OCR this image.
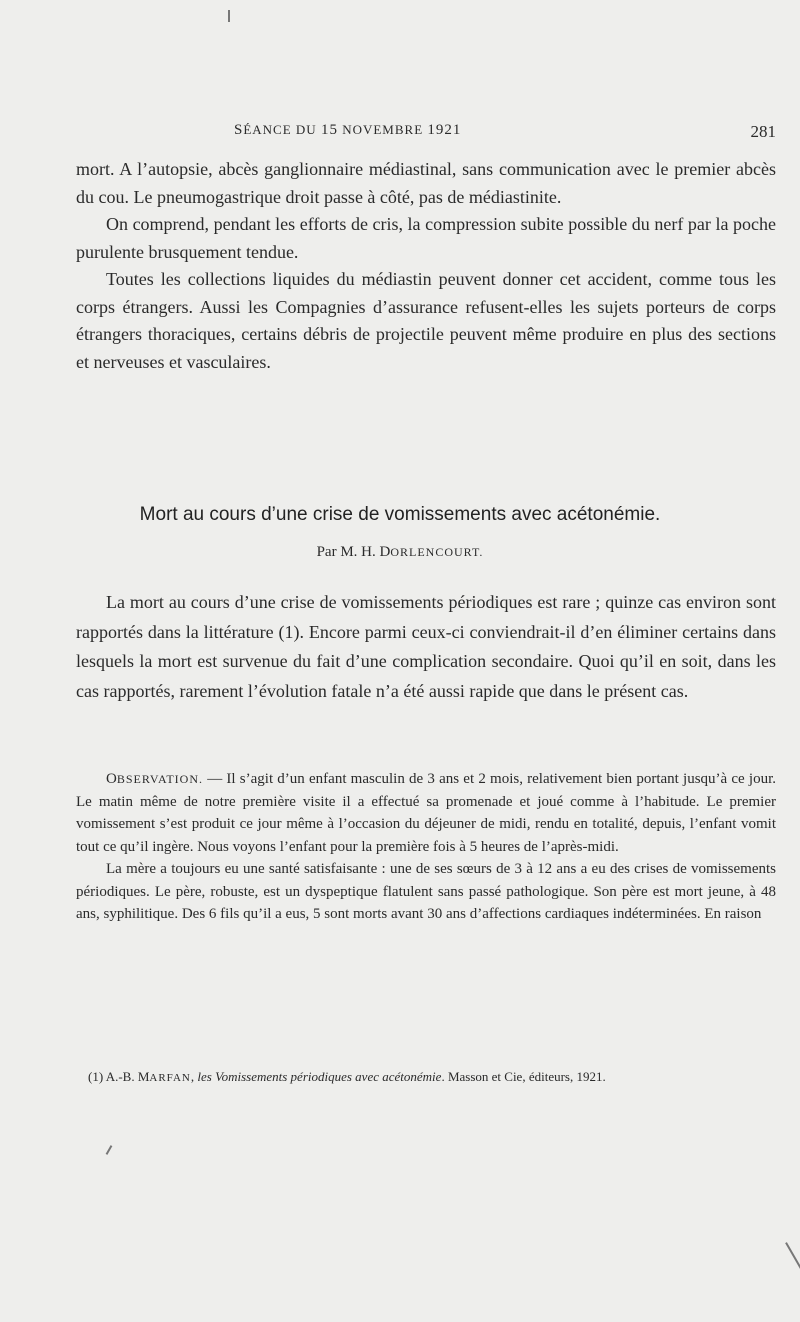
SÉANCE DU 15 NOVEMBRE 1921	281

mort. A l’autopsie, abcès ganglionnaire médiastinal, sans communication avec le premier abcès du cou. Le pneumogastrique droit passe à côté, pas de médiastinite.

On comprend, pendant les efforts de cris, la compression subite possible du nerf par la poche purulente brusquement tendue.

Toutes les collections liquides du médiastin peuvent donner cet accident, comme tous les corps étrangers. Aussi les Compagnies d’assurance refusent-elles les sujets porteurs de corps étrangers thoraciques, certains débris de projectile peuvent même produire en plus des sections et nerveuses et vasculaires.

Mort au cours d’une crise de vomissements avec acétonémie.
Par M. H. DORLENCOURT.

La mort au cours d’une crise de vomissements périodiques est rare ; quinze cas environ sont rapportés dans la littérature (1). Encore parmi ceux-ci conviendrait-il d’en éliminer certains dans lesquels la mort est survenue du fait d’une complication secondaire. Quoi qu’il en soit, dans les cas rapportés, rarement l’évolution fatale n’a été aussi rapide que dans le présent cas.

OBSERVATION. — Il s’agit d’un enfant masculin de 3 ans et 2 mois, relativement bien portant jusqu’à ce jour. Le matin même de notre première visite il a effectué sa promenade et joué comme à l’habitude. Le premier vomissement s’est produit ce jour même à l’occasion du déjeuner de midi, rendu en totalité, depuis, l’enfant vomit tout ce qu’il ingère. Nous voyons l’enfant pour la première fois à 5 heures de l’après-midi.

La mère a toujours eu une santé satisfaisante : une de ses sœurs de 3 à 12 ans a eu des crises de vomissements périodiques. Le père, robuste, est un dyspeptique flatulent sans passé pathologique. Son père est mort jeune, à 48 ans, syphilitique. Des 6 fils qu’il a eus, 5 sont morts avant 30 ans d’affections cardiaques indéterminées. En raison

(1) A.-B. MARFAN, les Vomissements périodiques avec acétonémie. Masson et Cie, éditeurs, 1921.
